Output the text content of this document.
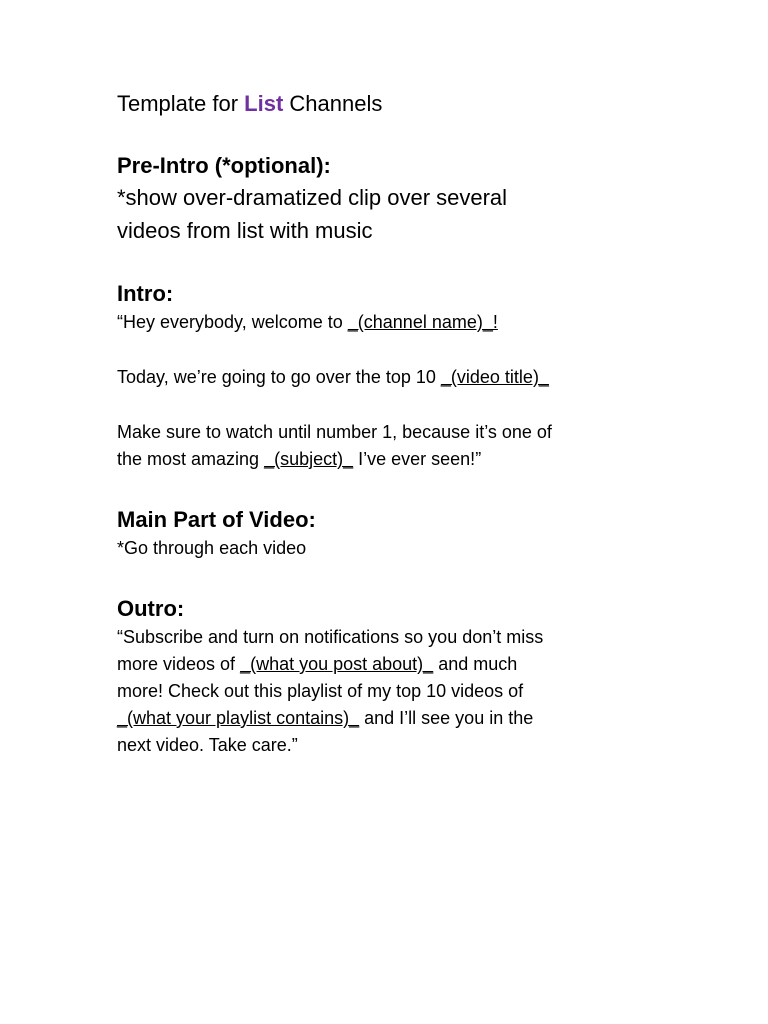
Template for List Channels

Pre-Intro (*optional):

*show over-dramatized clip over several

videos from list with music

Intro:

“Hey everybody, welcome to _(channel name)_!

Today, we’re going to go over the top 10 _(video title)_

Make sure to watch until number 1, because it’s one of

the most amazing _(subject)_ I’ve ever seen!”

Main Part of Video:

*Go through each video

Outro:

“Subscribe and turn on notifications so you don’t miss

more videos of _(what you post about)_ and much

more! Check out this playlist of my top 10 videos of

_(what your playlist contains)_ and I’ll see you in the

next video. Take care.”
